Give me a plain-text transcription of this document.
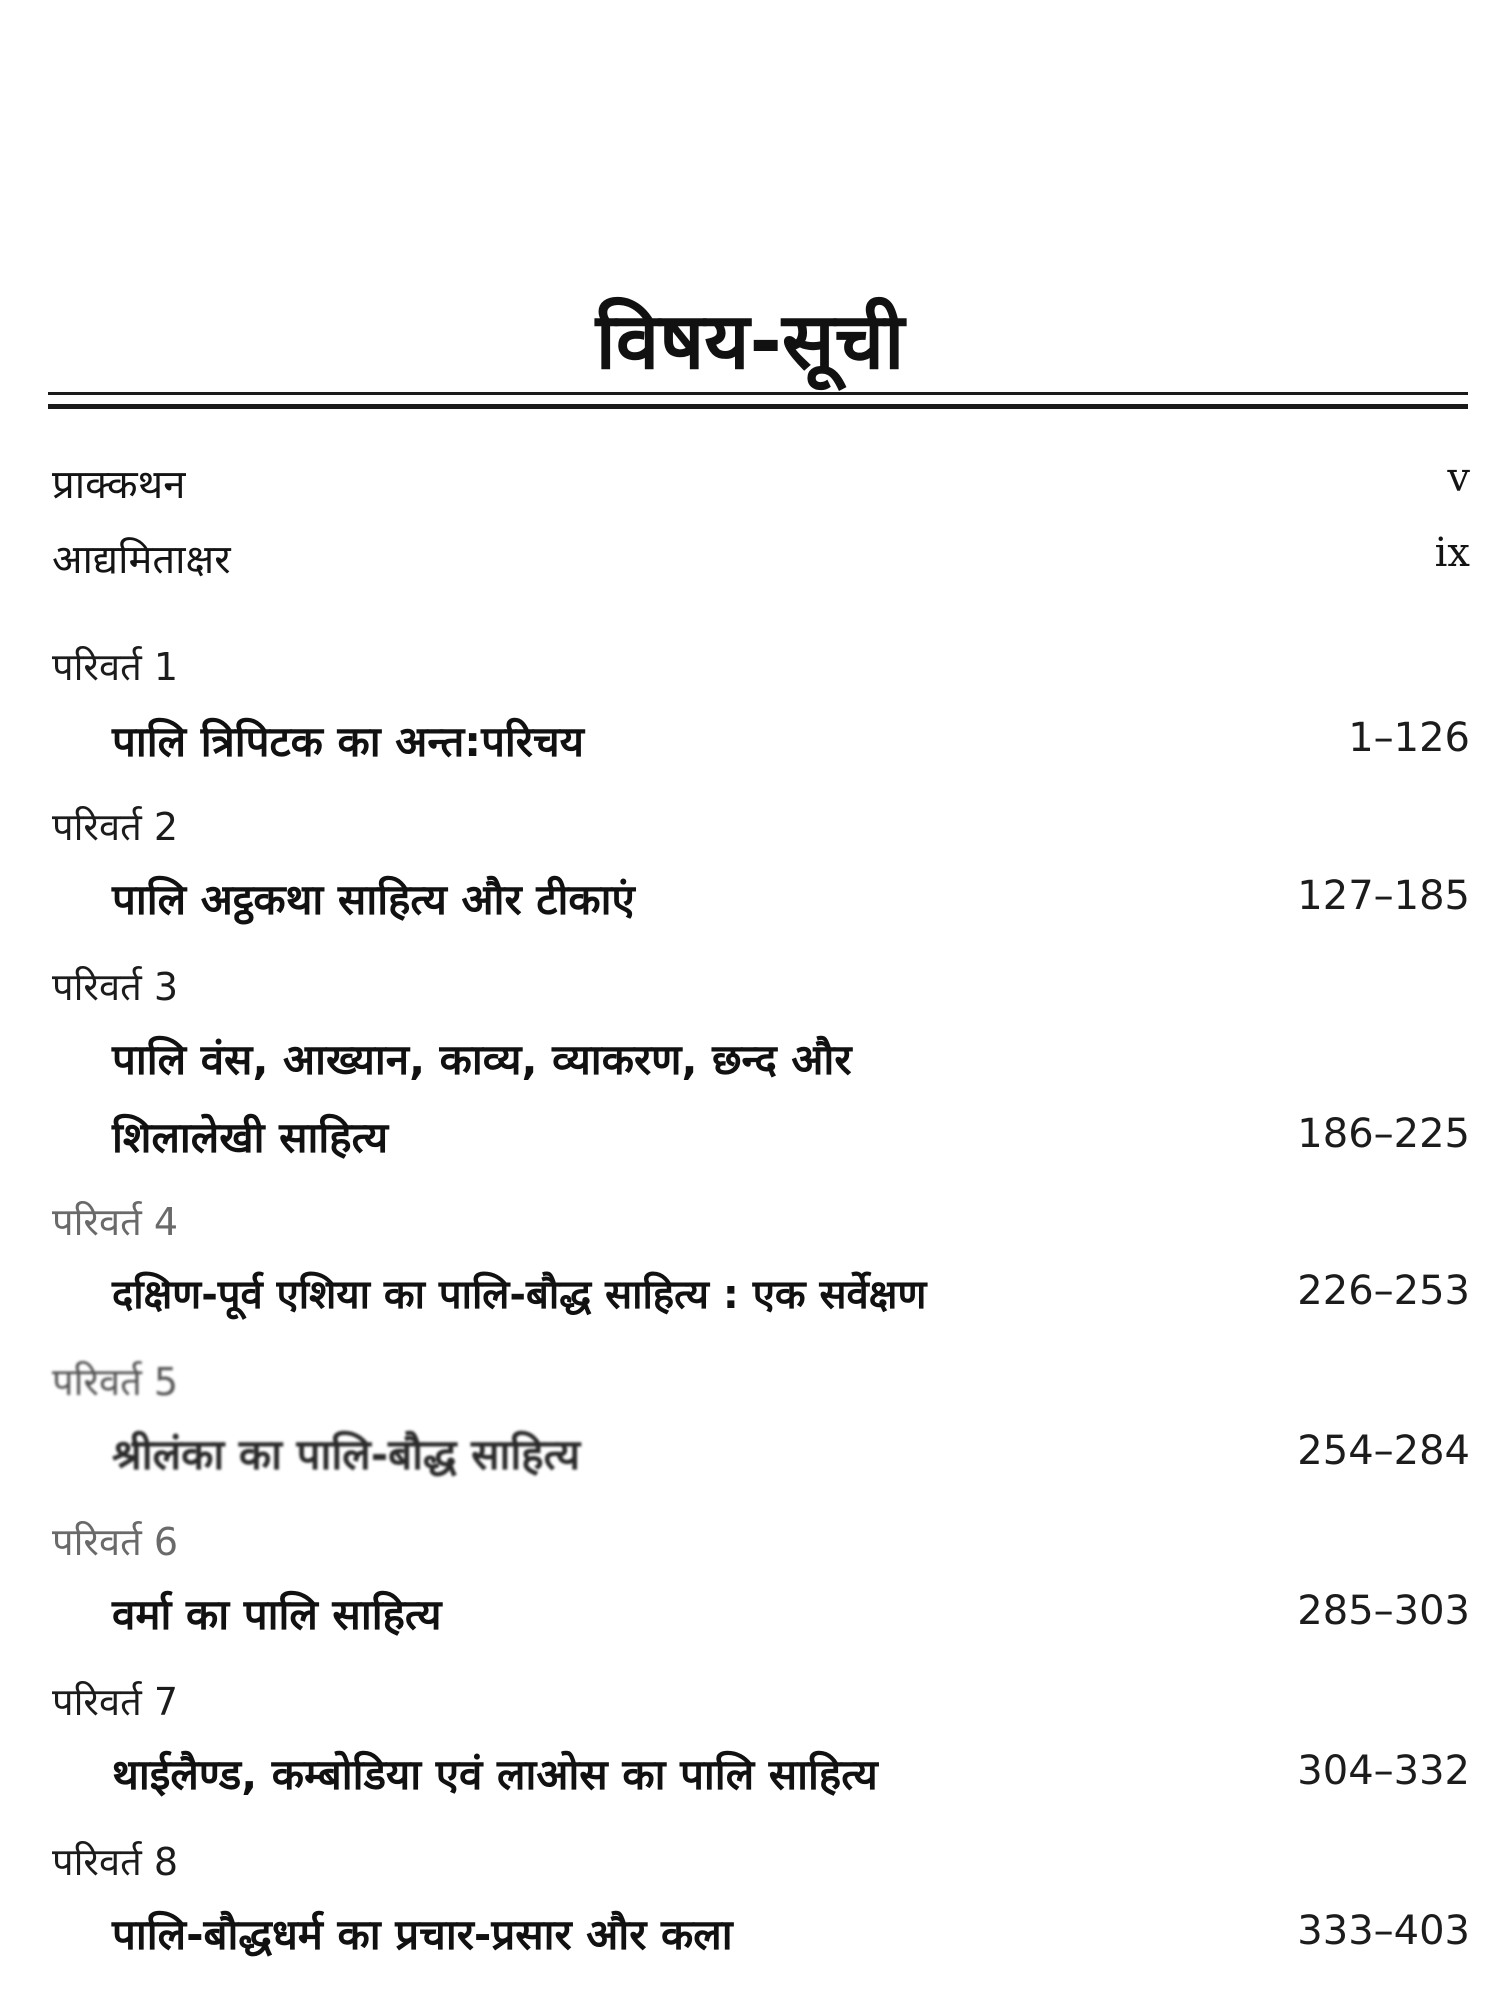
विषय-सूची
प्राक्कथन	v
आद्यमिताक्षर	ix
परिवर्त 1
पालि त्रिपिटक का अन्त:परिचय	1–126
परिवर्त 2
पालि अट्ठकथा साहित्य और टीकाएं	127–185
परिवर्त 3
पालि वंस, आख्यान, काव्य, व्याकरण, छन्द और
शिलालेखी साहित्य	186–225
परिवर्त 4
दक्षिण-पूर्व एशिया का पालि-बौद्ध साहित्य : एक सर्वेक्षण	226–253
परिवर्त 5
श्रीलंका का पालि-बौद्ध साहित्य	254–284
परिवर्त 6
वर्मा का पालि साहित्य	285–303
परिवर्त 7
थाईलैण्ड, कम्बोडिया एवं लाओस का पालि साहित्य	304–332
परिवर्त 8
पालि-बौद्धधर्म का प्रचार-प्रसार और कला	333–403
